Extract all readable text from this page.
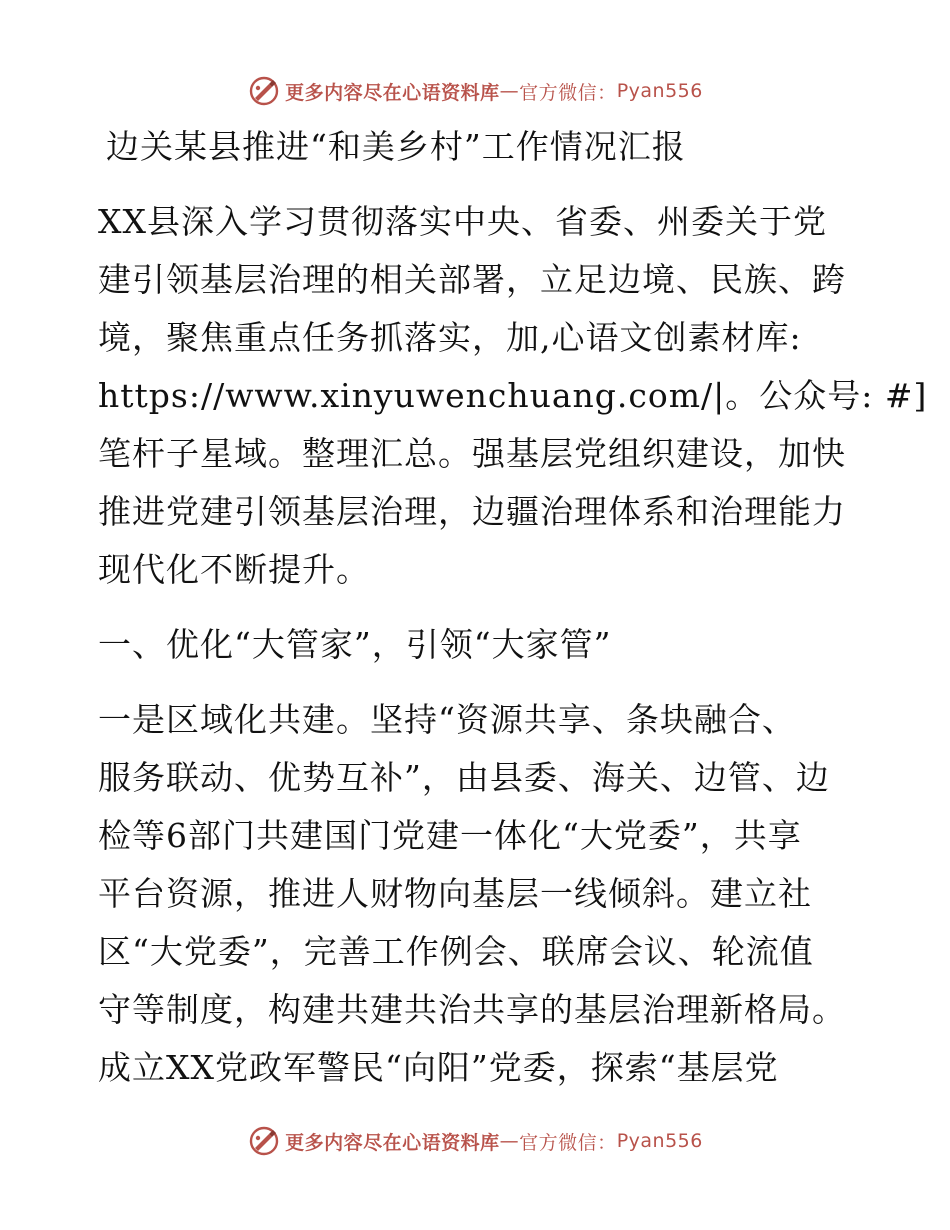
更多内容尽在心语资料库 — 官方微信： Pyan556
边关某县推进“和美乡村”工作情况汇报
XX县深入学习贯彻落实中央、省委、州委关于党
建引领基层治理的相关部署，立足边境、民族、跨
境，聚焦重点任务抓落实，加,心语文创素材库:
https://www.xinyuwenchuang.com/|。公众号: #]
笔杆子星域。整理汇总。强基层党组织建设，加快
推进党建引领基层治理，边疆治理体系和治理能力
现代化不断提升。
一、优化“大管家”，引领“大家管”
一是区域化共建。坚持“资源共享、条块融合、
服务联动、优势互补”，由县委、海关、边管、边
检等6部门共建国门党建一体化“大党委”，共享
平台资源，推进人财物向基层一线倾斜。建立社
区“大党委”，完善工作例会、联席会议、轮流值
守等制度，构建共建共治共享的基层治理新格局。
成立XX党政军警民“向阳”党委，探索“基层党
更多内容尽在心语资料库 — 官方微信： Pyan556
